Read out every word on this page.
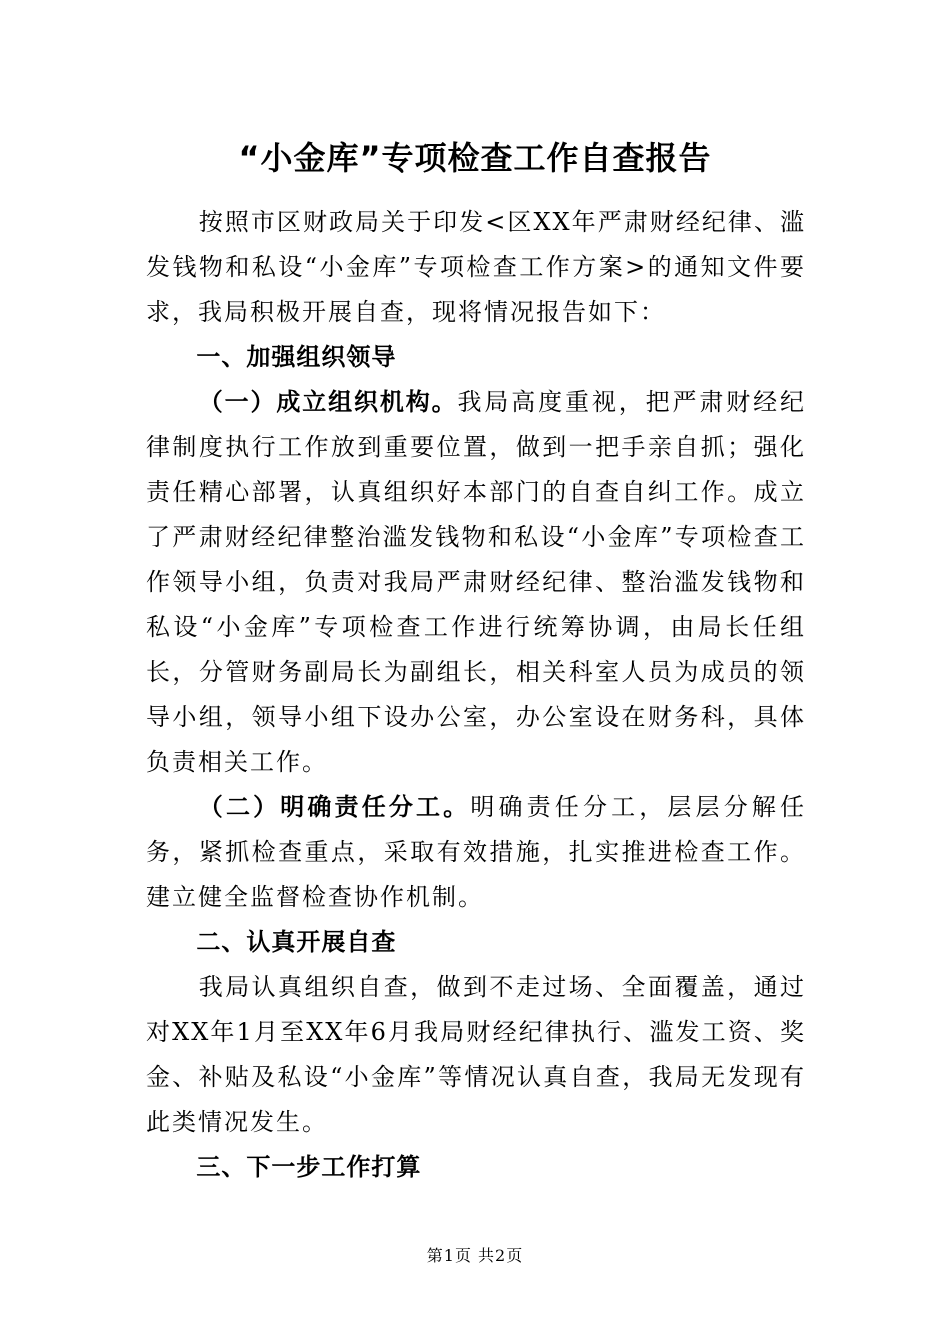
“小金库”专项检查工作自查报告

按照市区财政局关于印发<区XX年严肃财经纪律、滥发钱物和私设“小金库”专项检查工作方案>的通知文件要求，我局积极开展自查，现将情况报告如下：

一、加强组织领导

（一）成立组织机构。我局高度重视，把严肃财经纪律制度执行工作放到重要位置，做到一把手亲自抓；强化责任精心部署，认真组织好本部门的自查自纠工作。成立了严肃财经纪律整治滥发钱物和私设“小金库”专项检查工作领导小组，负责对我局严肃财经纪律、整治滥发钱物和私设“小金库”专项检查工作进行统筹协调，由局长任组长，分管财务副局长为副组长，相关科室人员为成员的领导小组，领导小组下设办公室，办公室设在财务科，具体负责相关工作。

（二）明确责任分工。明确责任分工，层层分解任务，紧抓检查重点，采取有效措施，扎实推进检查工作。建立健全监督检查协作机制。

二、认真开展自查

我局认真组织自查，做到不走过场、全面覆盖，通过对XX年1月至XX年6月我局财经纪律执行、滥发工资、奖金、补贴及私设“小金库”等情况认真自查，我局无发现有此类情况发生。

三、下一步工作打算

第1页 共2页
